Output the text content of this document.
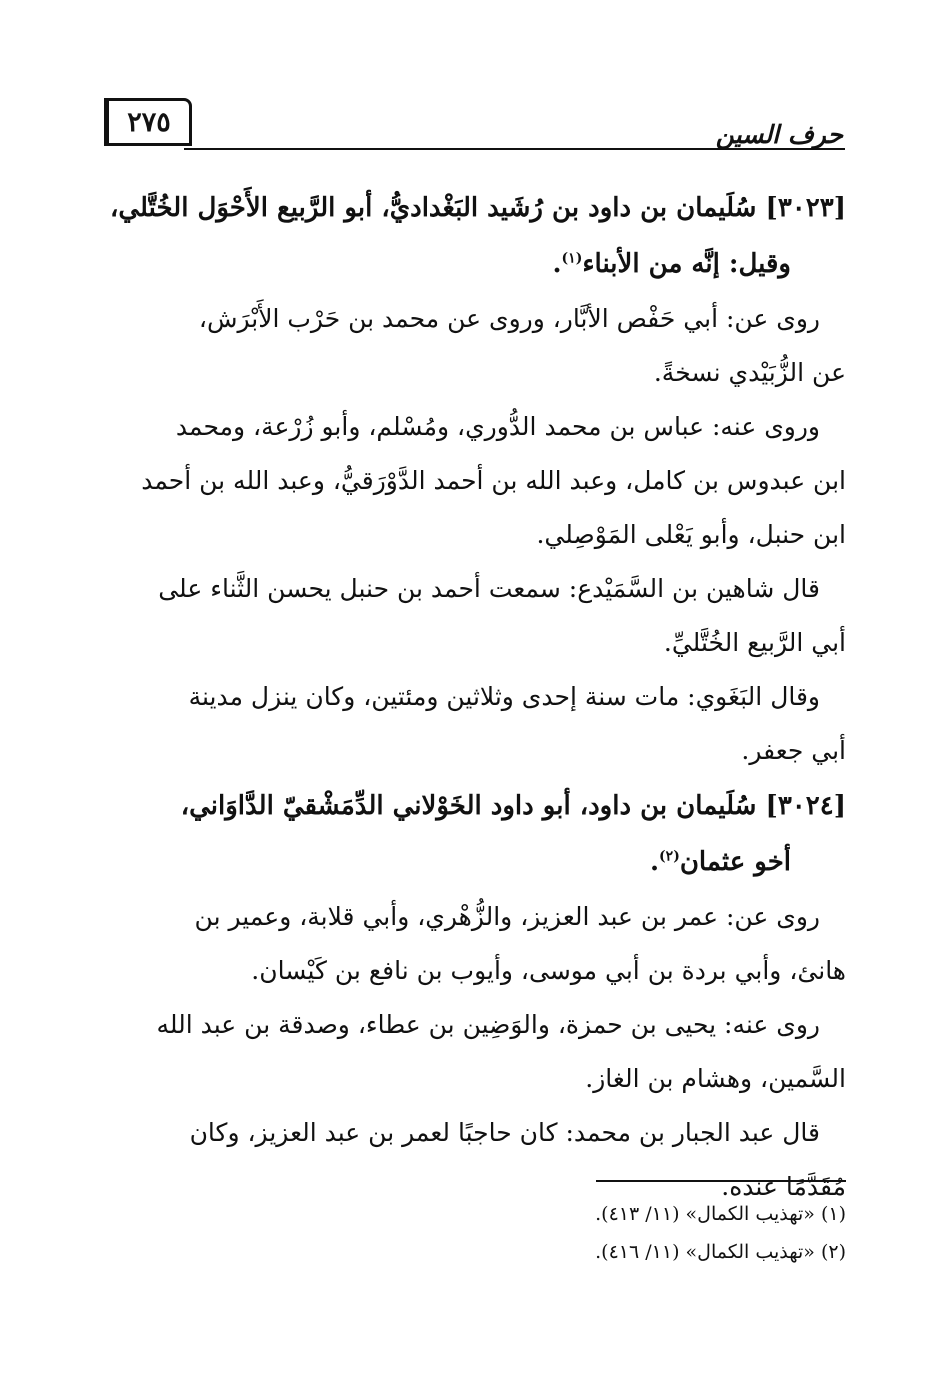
٢٧٥	حرف السين

[٣٠٢٣] سُلَيمان بن داود بن رُشَيد البَغْداديُّ، أبو الرَّبيع الأَحْوَل الخُتَّلي،
وقيل: إنَّه من الأبناء$^{(١)}$.

روى عن: أبي حَفْص الأبَّار، وروى عن محمد بن حَرْب الأَبْرَش،
عن الزُّبَيْدي نسخةً.

وروى عنه: عباس بن محمد الدُّوري، ومُسْلم، وأبو زُرْعة، ومحمد
ابن عبدوس بن كامل، وعبد الله بن أحمد الدَّوْرَقيُّ، وعبد الله بن أحمد
ابن حنبل، وأبو يَعْلى المَوْصِلي.

قال شاهين بن السَّمَيْدع: سمعت أحمد بن حنبل يحسن الثَّناء على
أبي الرَّبيع الخُتَّليِّ.

وقال البَغَوي: مات سنة إحدى وثلاثين ومئتين، وكان ينزل مدينة
أبي جعفر.

[٣٠٢٤] سُلَيمان بن داود، أبو داود الخَوْلاني الدِّمَشْقيّ الدَّاوَاني،
أخو عثمان$^{(٢)}$.

روى عن: عمر بن عبد العزيز، والزُّهْري، وأبي قلابة، وعمير بن
هانئ، وأبي بردة بن أبي موسى، وأيوب بن نافع بن كَيْسان.

روى عنه: يحيى بن حمزة، والوَضِين بن عطاء، وصدقة بن عبد الله
السَّمين، وهشام بن الغاز.

قال عبد الجبار بن محمد: كان حاجبًا لعمر بن عبد العزيز، وكان
مُقَدَّمًا عنده.

(١) «تهذيب الكمال» (١١/ ٤١٣).
(٢) «تهذيب الكمال» (١١/ ٤١٦).
